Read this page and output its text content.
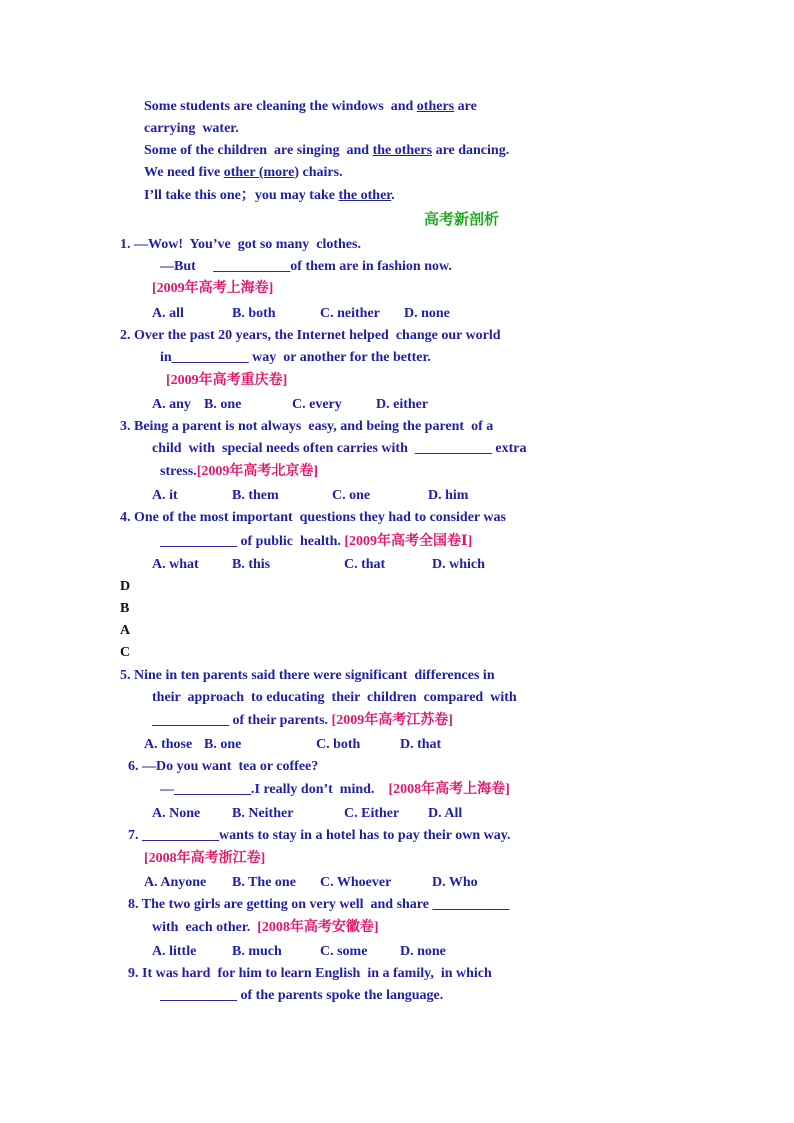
Some students are cleaning the windows  and others are
carrying  water.
Some of the children  are singing  and the others are dancing.
We need five other (more) chairs.
I’ll take this one；you may take the other.
高考新剖析
1. —Wow!  You’ve  got so many  clothes.
—But     ___________of them are in fashion now.
[2009年高考上海卷]
A. all	B. both	C. neither D. none
2. Over the past 20 years, the Internet helped  change our world
in___________ way  or another for the better.
[2009年高考重庆卷]
A. any B. one	C. every D. either
3. Being a parent is not always  easy, and being the parent  of a
child  with  special needs often carries with  ___________ extra
stress.[2009年高考北京卷]
A. it	B. them	C. one	D. him
4. One of the most important  questions they had to consider was
___________ of public  health. [2009年高考全国卷Ⅰ]
A. what B. this	C. that	D. which
D
B
A
C
5. Nine in ten parents said there were significant  differences in
their  approach  to educating  their  children  compared  with
___________ of their parents. [2009年高考江苏卷]
A. those B. one	C. both	D. that
6. —Do you want  tea or coffee?
—___________.I really don’t  mind. [2008年高考上海卷]
A. None B. Neither	C. Either D. All
7. ___________wants to stay in a hotel has to pay their own way.
[2008年高考浙江卷]
A. Anyone B. The one C. Whoever	D. Who
8. The two girls are getting on very well  and share ___________
with  each other. [2008年高考安徽卷]
A. little	B. much	C. some D. none
9. It was hard  for him to learn English  in a family,  in which
___________ of the parents spoke the language.
